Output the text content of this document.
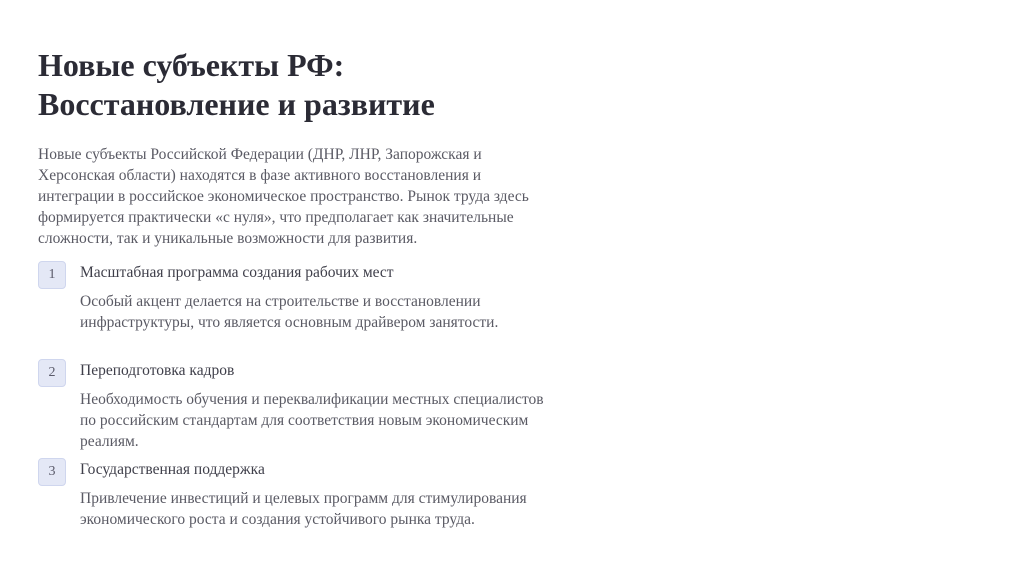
Новые субъекты РФ:
Восстановление и развитие

Новые субъекты Российской Федерации (ДНР, ЛНР, Запорожская и
Херсонская области) находятся в фазе активного восстановления и
интеграции в российское экономическое пространство. Рынок труда здесь
формируется практически «с нуля», что предполагает как значительные
сложности, так и уникальные возможности для развития.

1	Масштабная программа создания рабочих мест

Особый акцент делается на строительстве и восстановлении
инфраструктуры, что является основным драйвером занятости.

2	Переподготовка кадров

Необходимость обучения и переквалификации местных специалистов
по российским стандартам для соответствия новым экономическим
реалиям.

3	Государственная поддержка

Привлечение инвестиций и целевых программ для стимулирования
экономического роста и создания устойчивого рынка труда.
